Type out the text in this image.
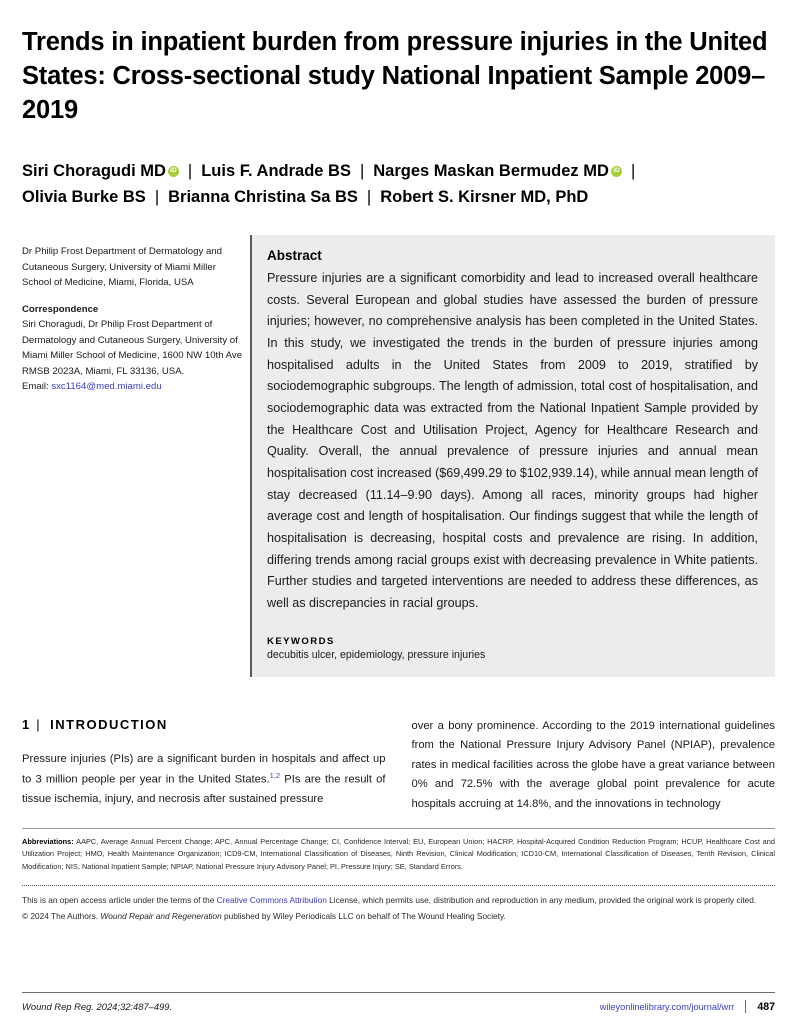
Trends in inpatient burden from pressure injuries in the United States: Cross-sectional study National Inpatient Sample 2009–2019
Siri Choragudi MD iD | Luis F. Andrade BS | Narges Maskan Bermudez MD iD |
Olivia Burke BS | Brianna Christina Sa BS | Robert S. Kirsner MD, PhD

Dr Philip Frost Department of Dermatology and Cutaneous Surgery, University of Miami Miller School of Medicine, Miami, Florida, USA

Correspondence

Siri Choragudi, Dr Philip Frost Department of Dermatology and Cutaneous Surgery, University of Miami Miller School of Medicine, 1600 NW 10th Ave RMSB 2023A, Miami, FL 33136, USA.

Email: sxc1164@med.miami.edu

Abstract

Pressure injuries are a significant comorbidity and lead to increased overall healthcare costs. Several European and global studies have assessed the burden of pressure injuries; however, no comprehensive analysis has been completed in the United States. In this study, we investigated the trends in the burden of pressure injuries among hospitalised adults in the United States from 2009 to 2019, stratified by sociodemographic subgroups. The length of admission, total cost of hospitalisation, and sociodemographic data was extracted from the National Inpatient Sample provided by the Healthcare Cost and Utilisation Project, Agency for Healthcare Research and Quality. Overall, the annual prevalence of pressure injuries and annual mean hospitalisation cost increased ($69,499.29 to $102,939.14), while annual mean length of stay decreased (11.14–9.90 days). Among all races, minority groups had higher average cost and length of hospitalisation. Our findings suggest that while the length of hospitalisation is decreasing, hospital costs and prevalence are rising. In addition, differing trends among racial groups exist with decreasing prevalence in White patients. Further studies and targeted interventions are needed to address these differences, as well as discrepancies in racial groups.

KEYWORDS

decubitis ulcer, epidemiology, pressure injuries

1 | INTRODUCTION

Pressure injuries (PIs) are a significant burden in hospitals and affect up to 3 million people per year in the United States.$^{1,2}$ PIs are the result of tissue ischemia, injury, and necrosis after sustained pressure

over a bony prominence. According to the 2019 international guidelines from the National Pressure Injury Advisory Panel (NPIAP), prevalence rates in medical facilities across the globe have a great variance between 0% and 72.5% with the average global point prevalence for acute hospitals accruing at 14.8%, and the innovations in technology

Abbreviations: AAPC, Average Annual Percent Change; APC, Annual Percentage Change; CI, Confidence Interval; EU, European Union; HACRP, Hospital-Acquired Condition Reduction Program; HCUP, Healthcare Cost and Utilization Project; HMO, Health Maintenance Organization; ICD9-CM, International Classification of Diseases, Ninth Revision, Clinical Modification; ICD10-CM, International Classification of Diseases, Tenth Revision, Clinical Modification; NIS, National Inpatient Sample; NPIAP, National Pressure Injury Advisory Panel; PI, Pressure Injury; SE, Standard Errors.

This is an open access article under the terms of the Creative Commons Attribution License, which permits use, distribution and reproduction in any medium, provided the original work is properly cited.

© 2024 The Authors. Wound Repair and Regeneration published by Wiley Periodicals LLC on behalf of The Wound Healing Society.

Wound Rep Reg. 2024;32:487–499.	wileyonlinelibrary.com/journal/wrr 487
